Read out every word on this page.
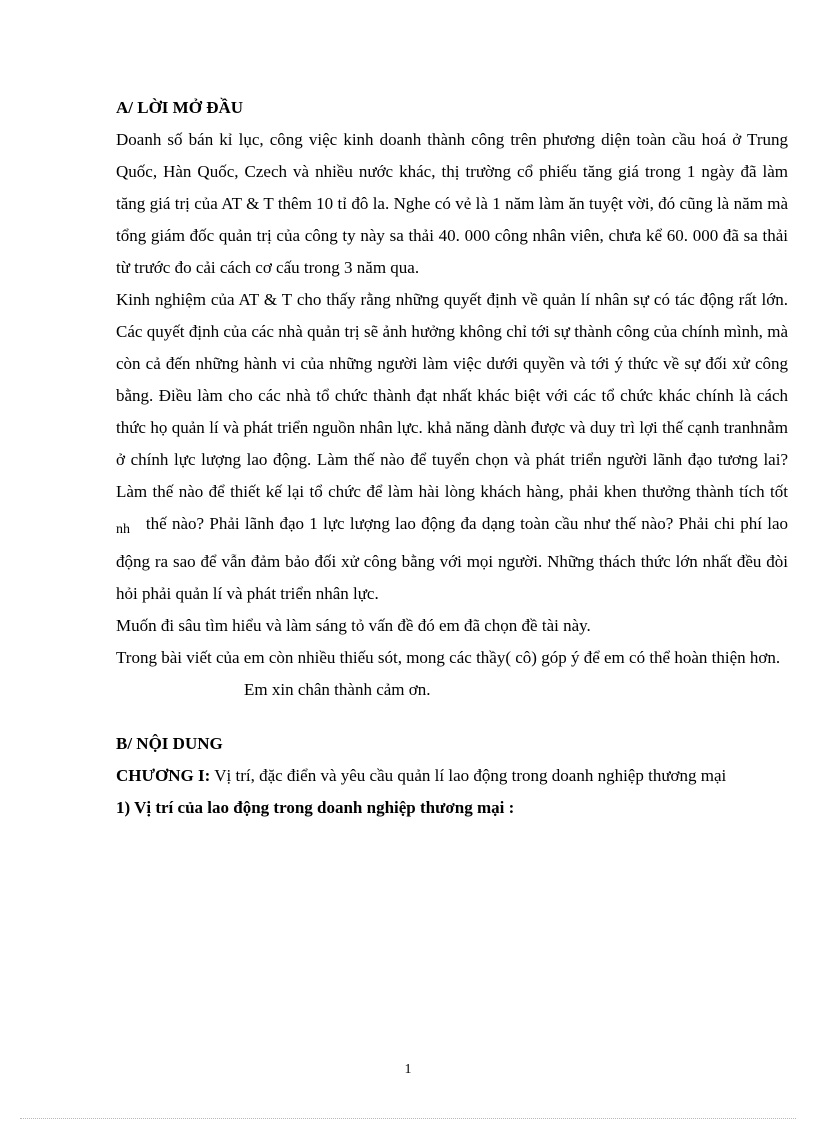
A/ LỜI MỞ ĐẦU

Doanh số bán kỉ lục, công việc kinh doanh thành công trên phương diện toàn cầu hoá ở Trung Quốc, Hàn Quốc, Czech và nhiều nước khác, thị trường cổ phiếu tăng giá trong 1 ngày đã làm tăng giá trị của AT & T thêm 10 tỉ đô la. Nghe có vẻ là 1 năm làm ăn tuyệt vời, đó cũng là năm mà tổng giám đốc quản trị của công ty này sa thải 40. 000 công nhân viên, chưa kể 60. 000 đã sa thải từ trước đo cải cách cơ cấu trong 3 năm qua.

Kinh nghiệm của AT & T cho thấy rằng những quyết định về quản lí nhân sự có tác động rất lớn. Các quyết định của các nhà quản trị sẽ ảnh hưởng không chỉ tới sự thành công của chính mình, mà còn cả đến những hành vi của những người làm việc dưới quyền và tới ý thức về sự đối xử công bằng. Điều làm cho các nhà tổ chức thành đạt nhất khác biệt với các tổ chức khác chính là cách thức họ quản lí và phát triển nguồn nhân lực. khả năng dành được và duy trì lợi thế cạnh tranhnằm ở chính lực lượng lao động. Làm thế nào để tuyển chọn và phát triển người lãnh đạo tương lai? Làm thế nào để thiết kế lại tổ chức để làm hài lòng khách hàng, phải khen thưởng thành tích tốt $_{nh}$ thế nào? Phải lãnh đạo 1 lực lượng lao động đa dạng toàn cầu như thế nào? Phải chi phí lao động ra sao để vẫn đảm bảo đối xử công bằng với mọi người. Những thách thức lớn nhất đều đòi hỏi phải quản lí và phát triển nhân lực.

Muốn đi sâu tìm hiểu và làm sáng tỏ vấn đề đó em đã chọn đề tài này.

Trong bài viết của em còn nhiều thiếu sót, mong các thầy( cô) góp ý để em có thể hoàn thiện hơn.

Em xin chân thành cảm ơn.

B/ NỘI DUNG

CHƯƠNG I: Vị trí, đặc điển và yêu cầu quản lí lao động trong doanh nghiệp thương mại

1) Vị trí của lao động trong doanh nghiệp thương mại :

1
